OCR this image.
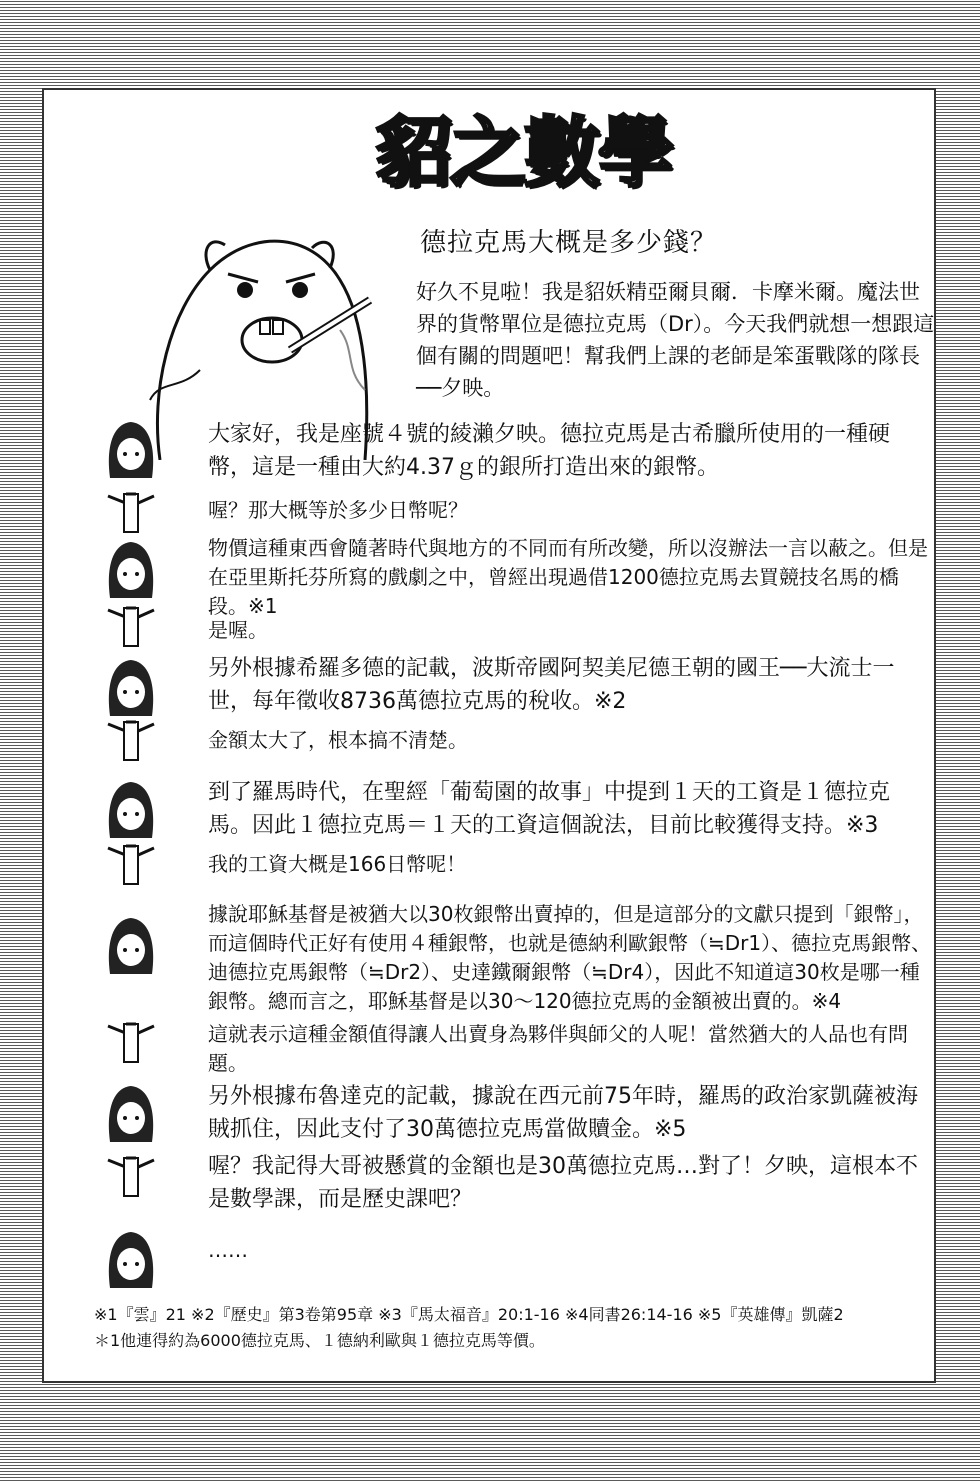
貂之數學
德拉克馬大概是多少錢？
好久不見啦！我是貂妖精亞爾貝爾．卡摩米爾。魔法世界的貨幣單位是德拉克馬（Dr）。今天我們就想一想跟這個有關的問題吧！幫我們上課的老師是笨蛋戰隊的隊長──夕映。
大家好，我是座號４號的綾瀨夕映。德拉克馬是古希臘所使用的一種硬幣，這是一種由大約4.37ｇ的銀所打造出來的銀幣。
喔？那大概等於多少日幣呢？
物價這種東西會隨著時代與地方的不同而有所改變，所以沒辦法一言以蔽之。但是在亞里斯托芬所寫的戲劇之中，曾經出現過借1200德拉克馬去買競技名馬的橋段。※1
是喔。
另外根據希羅多德的記載，波斯帝國阿契美尼德王朝的國王──大流士一世，每年徵收8736萬德拉克馬的稅收。※2
金額太大了，根本搞不清楚。
到了羅馬時代，在聖經「葡萄園的故事」中提到１天的工資是１德拉克馬。因此１德拉克馬＝１天的工資這個說法，目前比較獲得支持。※3
我的工資大概是166日幣呢！
據說耶穌基督是被猶大以30枚銀幣出賣掉的，但是這部分的文獻只提到「銀幣」，而這個時代正好有使用４種銀幣，也就是德納利歐銀幣（≒Dr1）、德拉克馬銀幣、迪德拉克馬銀幣（≒Dr2）、史達鐵爾銀幣（≒Dr4），因此不知道這30枚是哪一種銀幣。總而言之，耶穌基督是以30～120德拉克馬的金額被出賣的。※4
這就表示這種金額值得讓人出賣身為夥伴與師父的人呢！當然猶大的人品也有問題。
另外根據布魯達克的記載，據說在西元前75年時，羅馬的政治家凱薩被海賊抓住，因此支付了30萬德拉克馬當做贖金。※5
喔？我記得大哥被懸賞的金額也是30萬德拉克馬…對了！夕映，這根本不是數學課，而是歷史課吧？
……
※1『雲』21 ※2『歷史』第3卷第95章 ※3『馬太福音』20:1-16 ※4同書26:14-16 ※5『英雄傳』凱薩2
＊1他連得約為6000德拉克馬、１德納利歐與１德拉克馬等價。
